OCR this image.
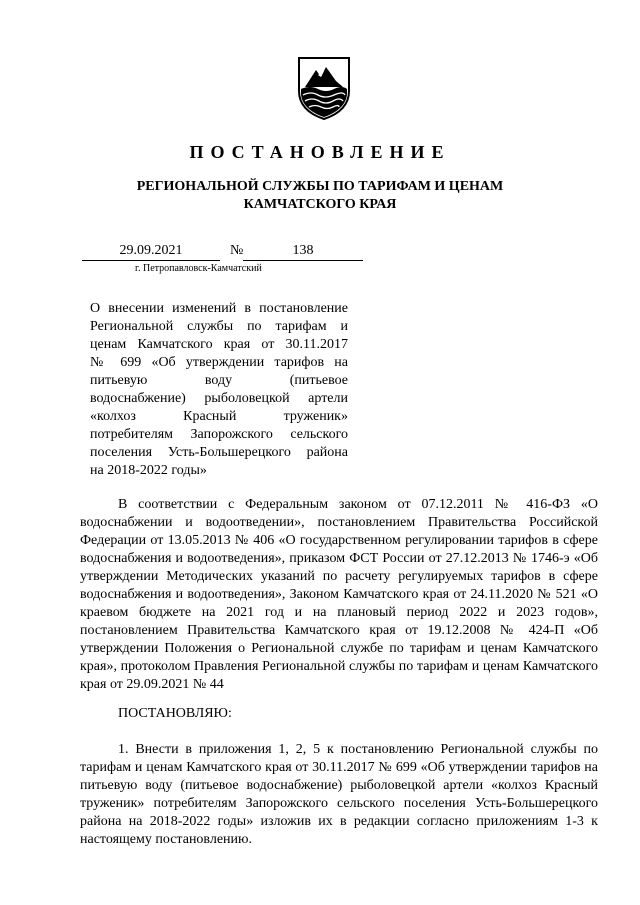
ПОСТАНОВЛЕНИЕ
РЕГИОНАЛЬНОЙ СЛУЖБЫ ПО ТАРИФАМ И ЦЕНАМ
КАМЧАТСКОГО КРАЯ
29.09.2021	№	138
г. Петропавловск-Камчатский
О внесении изменений в постановление
Региональной службы по тарифам и
ценам Камчатского края от 30.11.2017
№ 699 «Об утверждении тарифов на
питьевую воду (питьевое
водоснабжение) рыболовецкой артели
«колхоз Красный труженик»
потребителям Запорожского сельского
поселения Усть-Большерецкого района
на 2018-2022 годы»
В соответствии с Федеральным законом от 07.12.2011 № 416-ФЗ «О водоснабжении и водоотведении», постановлением Правительства Российской Федерации от 13.05.2013 № 406 «О государственном регулировании тарифов в сфере водоснабжения и водоотведения», приказом ФСТ России от 27.12.2013 № 1746-э «Об утверждении Методических указаний по расчету регулируемых тарифов в сфере водоснабжения и водоотведения», Законом Камчатского края от 24.11.2020 № 521 «О краевом бюджете на 2021 год и на плановый период 2022 и 2023 годов», постановлением Правительства Камчатского края от 19.12.2008 № 424-П «Об утверждении Положения о Региональной службе по тарифам и ценам Камчатского края», протоколом Правления Региональной службы по тарифам и ценам Камчатского края от 29.09.2021 № 44
ПОСТАНОВЛЯЮ:
1. Внести в приложения 1, 2, 5 к постановлению Региональной службы по тарифам и ценам Камчатского края от 30.11.2017 № 699 «Об утверждении тарифов на питьевую воду (питьевое водоснабжение) рыболовецкой артели «колхоз Красный труженик» потребителям Запорожского сельского поселения Усть-Большерецкого района на 2018-2022 годы» изложив их в редакции согласно приложениям 1-3 к настоящему постановлению.
